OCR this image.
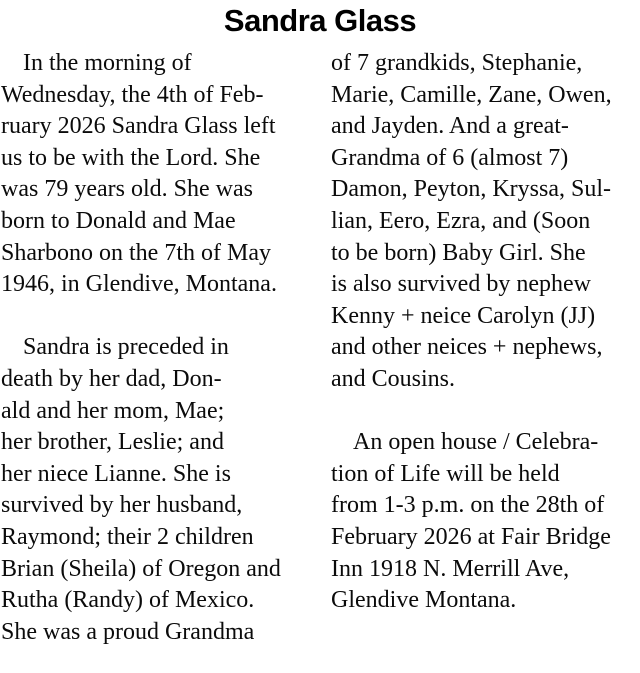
Sandra Glass

In the morning of
Wednesday, the 4th of Feb-
ruary 2026 Sandra Glass left
us to be with the Lord. She
was 79 years old. She was
born to Donald and Mae
Sharbono on the 7th of May
1946, in Glendive, Montana.

Sandra is preceded in
death by her dad, Don-
ald and her mom, Mae;
her brother, Leslie; and
her niece Lianne. She is
survived by her husband,
Raymond; their 2 children
Brian (Sheila) of Oregon and
Rutha (Randy) of Mexico.
She was a proud Grandma

of 7 grandkids, Stephanie,
Marie, Camille, Zane, Owen,
and Jayden. And a great-
Grandma of 6 (almost 7)
Damon, Peyton, Kryssa, Sul-
lian, Eero, Ezra, and (Soon
to be born) Baby Girl. She
is also survived by nephew
Kenny + neice Carolyn (JJ)
and other neices + nephews,
and Cousins.

An open house / Celebra-
tion of Life will be held
from 1-3 p.m. on the 28th of
February 2026 at Fair Bridge
Inn 1918 N. Merrill Ave,
Glendive Montana.
